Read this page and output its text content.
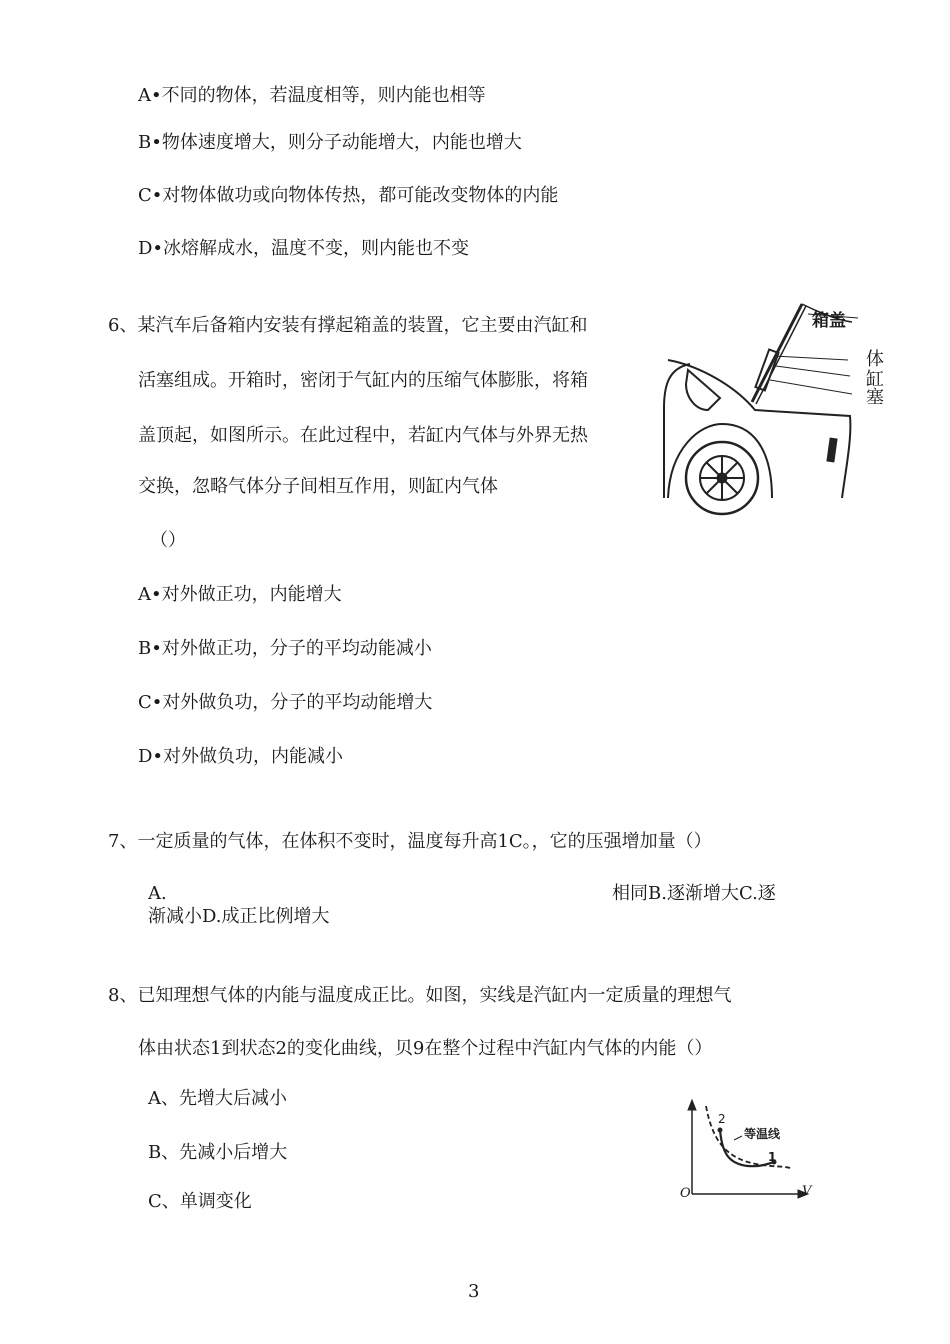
A•不同的物体，若温度相等，则内能也相等
B•物体速度增大，则分子动能增大，内能也增大
C•对物体做功或向物体传热，都可能改变物体的内能
D•冰熔解成水，温度不变，则内能也不变
6、某汽车后备箱内安装有撑起箱盖的装置，它主要由汽缸和
活塞组成。开箱时，密闭于气缸内的压缩气体膨胀，将箱
盖顶起，如图所示。在此过程中，若缸内气体与外界无热
交换，忽略气体分子间相互作用，则缸内气体
（）
A•对外做正功，内能增大
B•对外做正功，分子的平均动能减小
C•对外做负功，分子的平均动能增大
D•对外做负功，内能减小
箱盖
体
缸
塞
7、一定质量的气体，在体积不变时，温度每升高1C。，它的压强增加量（）
A.	相同B.逐渐增大C.逐
渐减小D.成正比例增大
8、已知理想气体的内能与温度成正比。如图，实线是汽缸内一定质量的理想气
体由状态1到状态2的变化曲线，贝9在整个过程中汽缸内气体的内能（）
A、先增大后减小
B、先减小后增大
C、单调变化
等温线
2
1
O	V
3
